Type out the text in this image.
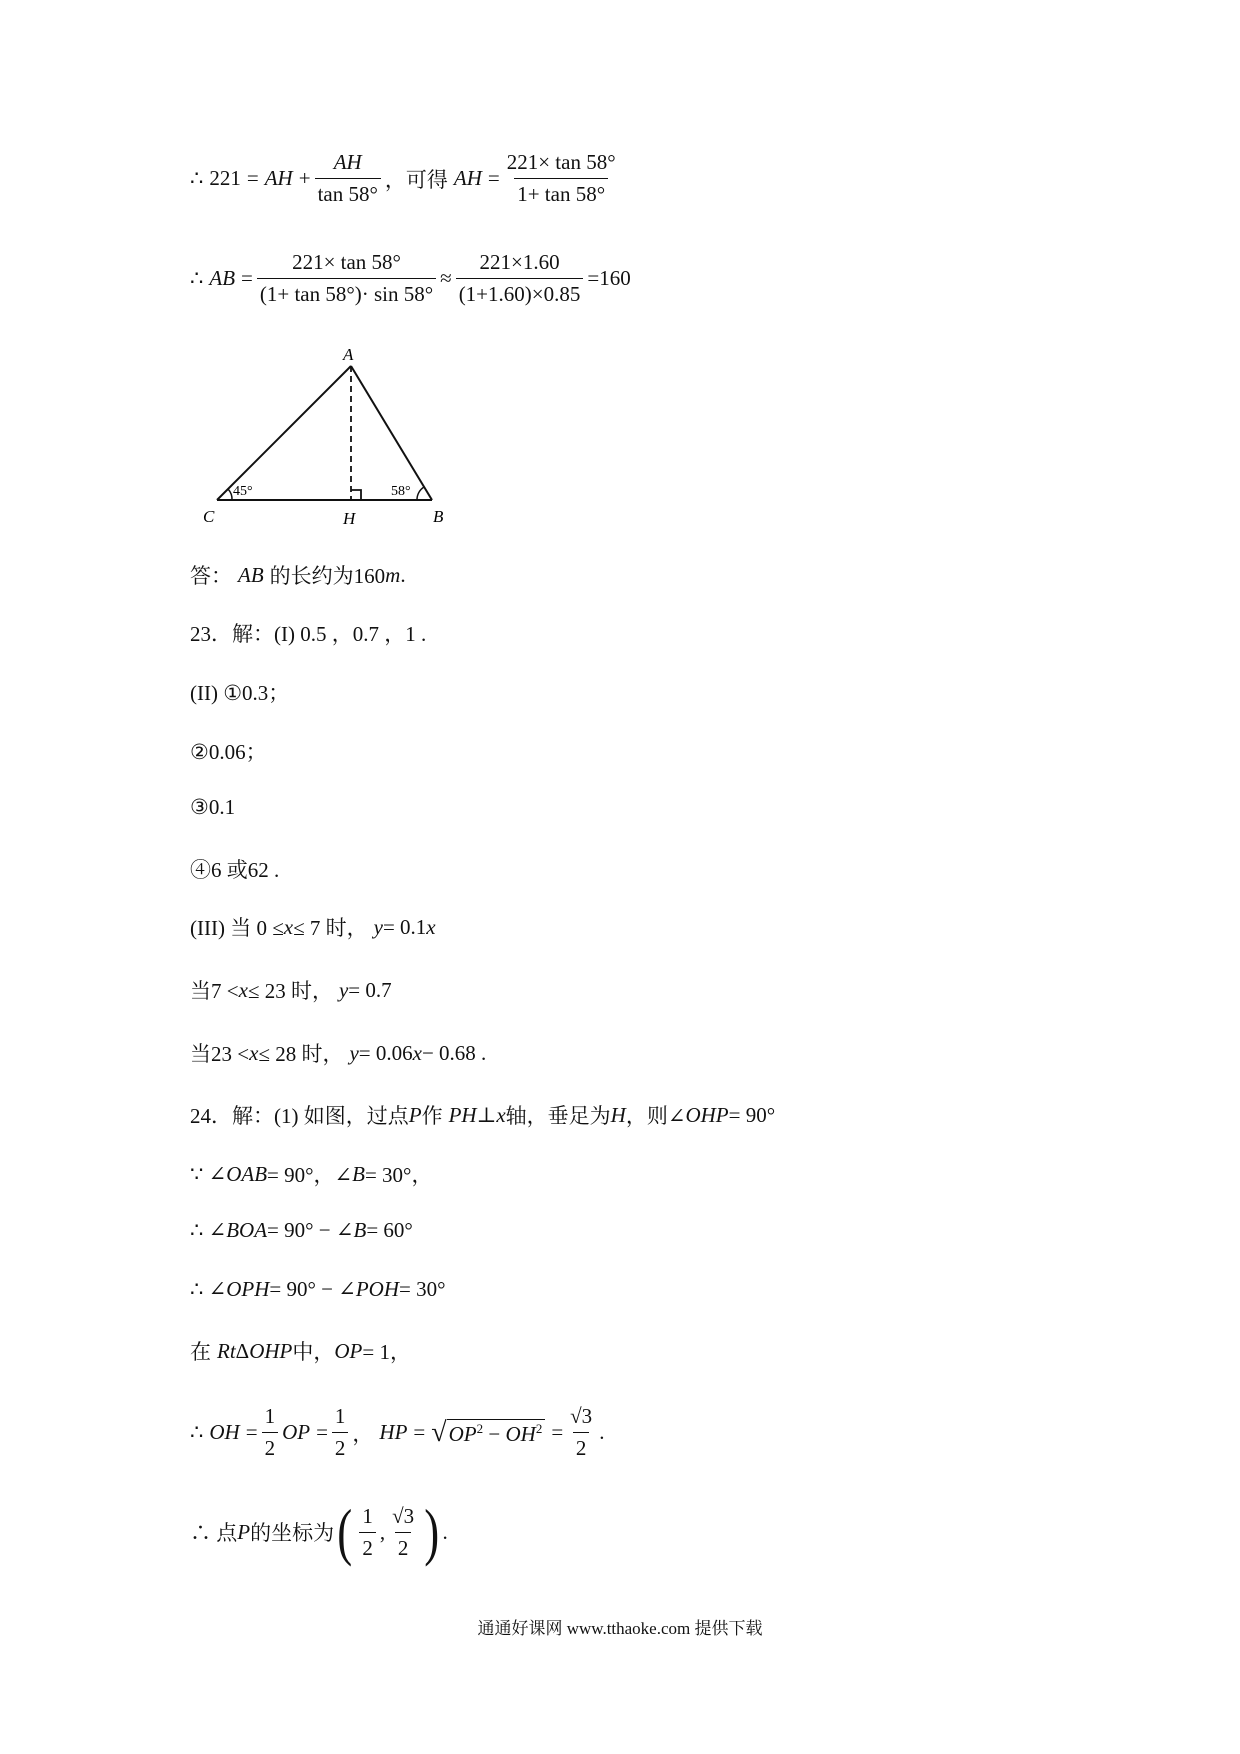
∴ 221 = AH + $\frac{AH}{\tan 58^\circ}$ ，可得 AH = $\frac{221\times \tan 58^\circ}{1+ \tan 58^\circ}$
∴ AB = $\frac{221\times \tan 58^\circ}{(1+ \tan 58^\circ)\cdot \sin 58^\circ} \approx \frac{221\times 1.60}{(1+1.60)\times 0.85} =160$
A
C	H	B
45°	58°
答： AB 的长约为160 m .
23．解：(I) 0.5 ，0.7 ，1 .
(II) ①0.3；
②0.06；
③0.1
④6 或62 .
(III) 当 0 ≤ x ≤ 7 时， y = 0.1 x
当7 < x ≤ 23 时， y = 0.7
当23 < x ≤ 28 时， y = 0.06 x − 0.68 .
24．解：(1) 如图，过点 P 作 PH ⊥ x 轴，垂足为 H ，则∠ OHP = 90°
∵ ∠ OAB = 90°，∠ B = 30°，
∴ ∠ BOA = 90° − ∠ B = 60°
∴ ∠ OPH = 90° − ∠ POH = 30°
在 Rt Δ OHP 中， OP = 1，
∴ OH = $\frac{1}{2}$ OP = $\frac{1}{2}$ ， HP = √ $OP^2 - OH^2 = \frac{√3}{2}$ .
∴ 点 P 的坐标为 ( $\frac{1}{2}$ , $\frac{√3}{2}$ ) .
通通好课网 www.tthaoke.com 提供下载
